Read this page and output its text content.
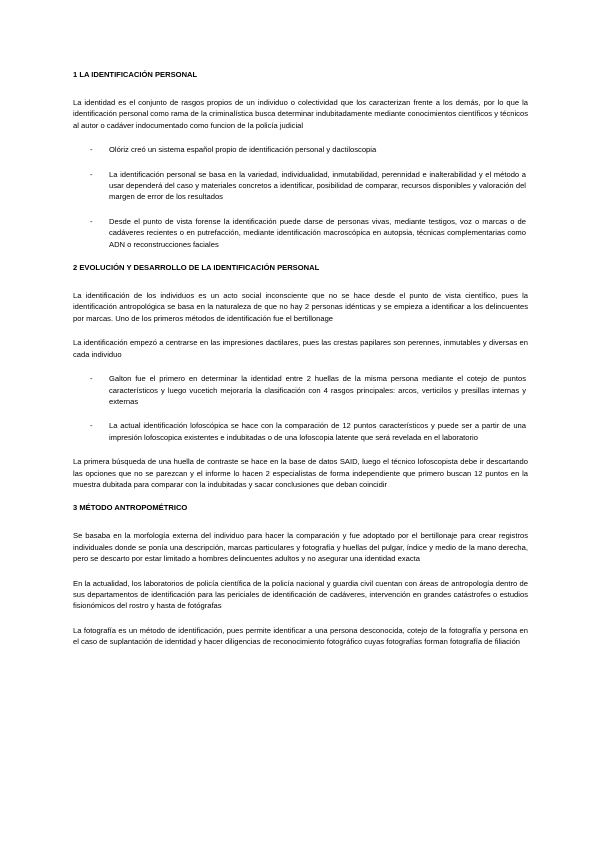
1 LA IDENTIFICACIÓN PERSONAL

La identidad es el conjunto de rasgos propios de un individuo o colectividad que los caracterizan frente a los demás, por lo que la identificación personal como rama de la criminalística busca determinar indubitadamente mediante conocimientos científicos y técnicos al autor o cadáver indocumentado como funcion de la policía judicial

- Olóriz creó un sistema español propio de identificación personal y dactiloscopia
- La identificación personal se basa en la variedad, individualidad, inmutabilidad, perennidad e inalterabilidad y el método a usar dependerá del caso y materiales concretos a identificar, posibilidad de comparar, recursos disponibles y valoración del margen de error de los resultados
- Desde el punto de vista forense la identificación puede darse de personas vivas, mediante testigos, voz o marcas o de cadáveres recientes o en putrefacción, mediante identificación macroscópica en autopsia, técnicas complementarias como ADN o reconstrucciones faciales
2 EVOLUCIÓN Y DESARROLLO DE LA IDENTIFICACIÓN PERSONAL

La identificación de los individuos es un acto social inconsciente que no se hace desde el punto de vista científico, pues la identificación antropológica se basa en la naturaleza de que no hay 2 personas idénticas y se empieza a identificar a los delincuentes por marcas. Uno de los primeros métodos de identificación fue el bertillonage

La identificación empezó a centrarse en las impresiones dactilares, pues las crestas papilares son perennes, inmutables y diversas en cada individuo

- Galton fue el primero en determinar la identidad entre 2 huellas de la misma persona mediante el cotejo de puntos característicos y luego vucetich mejoraría la clasificación con 4 rasgos principales: arcos, verticilos y presillas internas y externas
- La actual identificación lofoscópica se hace con la comparación de 12 puntos característicos y puede ser a partir de una impresión lofoscopica existentes e indubitadas o de una lofoscopia latente que será revelada en el laboratorio

La primera búsqueda de una huella de contraste se hace en la base de datos SAID, luego el técnico lofoscopista debe ir descartando las opciones que no se parezcan y el informe lo hacen 2 especialistas de forma independiente que primero buscan 12 puntos en la muestra dubitada para comparar con la indubitadas y sacar conclusiones que deban coincidir

3 MÉTODO ANTROPOMÉTRICO

Se basaba en la morfología externa del individuo para hacer la comparación y fue adoptado por el bertillonaje para crear registros individuales donde se ponía una descripción, marcas particulares y fotografía y huellas del pulgar, índice y medio de la mano derecha, pero se descarto por estar limitado a hombres delincuentes adultos y no asegurar una identidad exacta

En la actualidad, los laboratorios de policía científica de la policía nacional y guardia civil cuentan con áreas de antropología dentro de sus departamentos de identificación para las periciales de identificación de cadáveres, intervención en grandes catástrofes o estudios fisionómicos del rostro y hasta de fotógrafas

La fotografía es un método de identificación, pues permite identificar a una persona desconocida, cotejo de la fotografía y persona en el caso de suplantación de identidad y hacer diligencias de reconocimiento fotográfico cuyas fotografías forman fotografía de filiación
